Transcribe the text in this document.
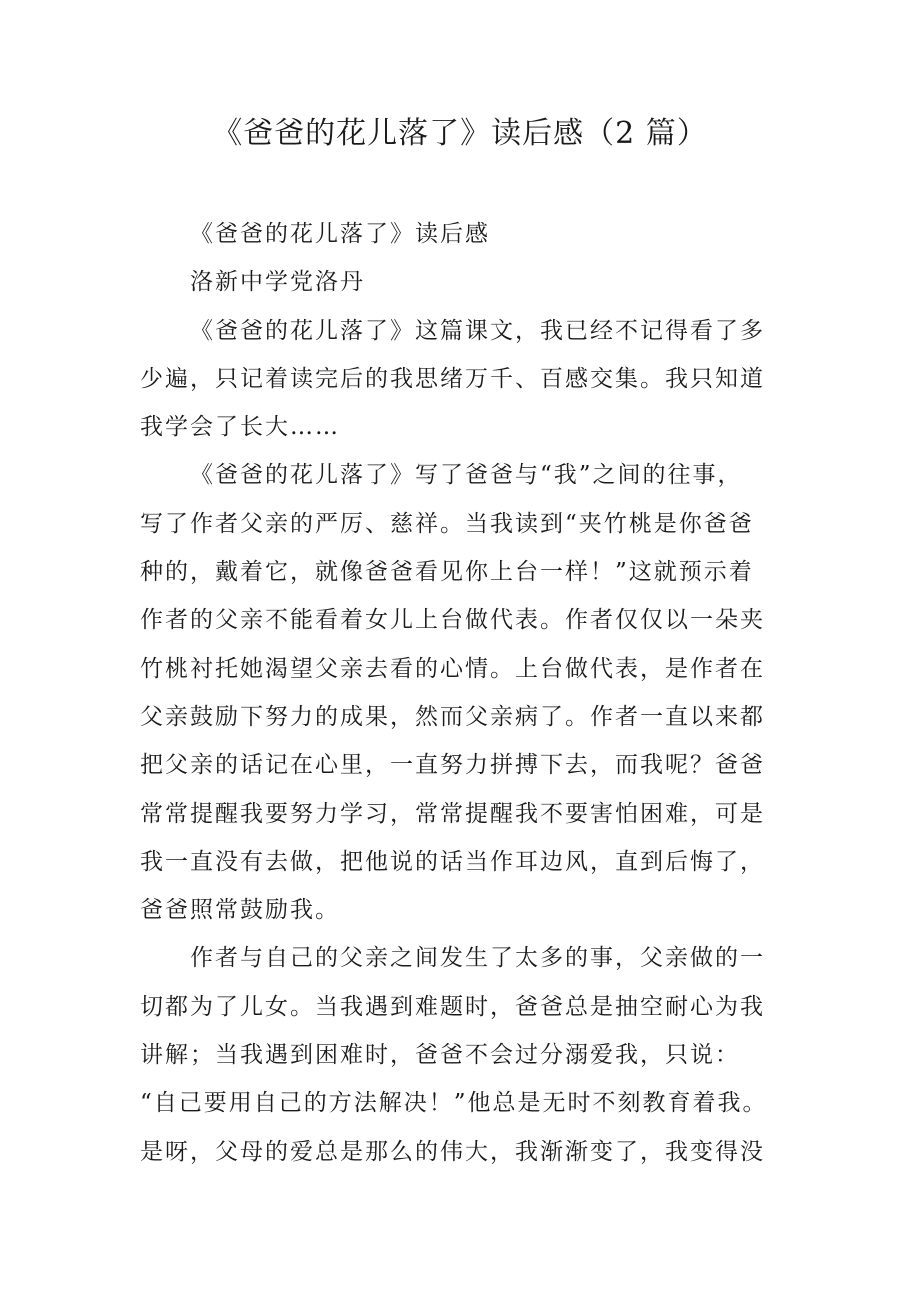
《爸爸的花儿落了》读后感（2 篇）
《爸爸的花儿落了》读后感
洛新中学党洛丹
《爸爸的花儿落了》这篇课文，我已经不记得看了多
少遍，只记着读完后的我思绪万千、百感交集。我只知道
我学会了长大……
《爸爸的花儿落了》写了爸爸与“我”之间的往事，
写了作者父亲的严厉、慈祥。当我读到“夹竹桃是你爸爸
种的，戴着它，就像爸爸看见你上台一样！”这就预示着
作者的父亲不能看着女儿上台做代表。作者仅仅以一朵夹
竹桃衬托她渴望父亲去看的心情。上台做代表，是作者在
父亲鼓励下努力的成果，然而父亲病了。作者一直以来都
把父亲的话记在心里，一直努力拼搏下去，而我呢？爸爸
常常提醒我要努力学习，常常提醒我不要害怕困难，可是
我一直没有去做，把他说的话当作耳边风，直到后悔了，
爸爸照常鼓励我。
作者与自己的父亲之间发生了太多的事，父亲做的一
切都为了儿女。当我遇到难题时，爸爸总是抽空耐心为我
讲解；当我遇到困难时，爸爸不会过分溺爱我，只说：
“自己要用自己的方法解决！”他总是无时不刻教育着我。
是呀，父母的爱总是那么的伟大，我渐渐变了，我变得没
